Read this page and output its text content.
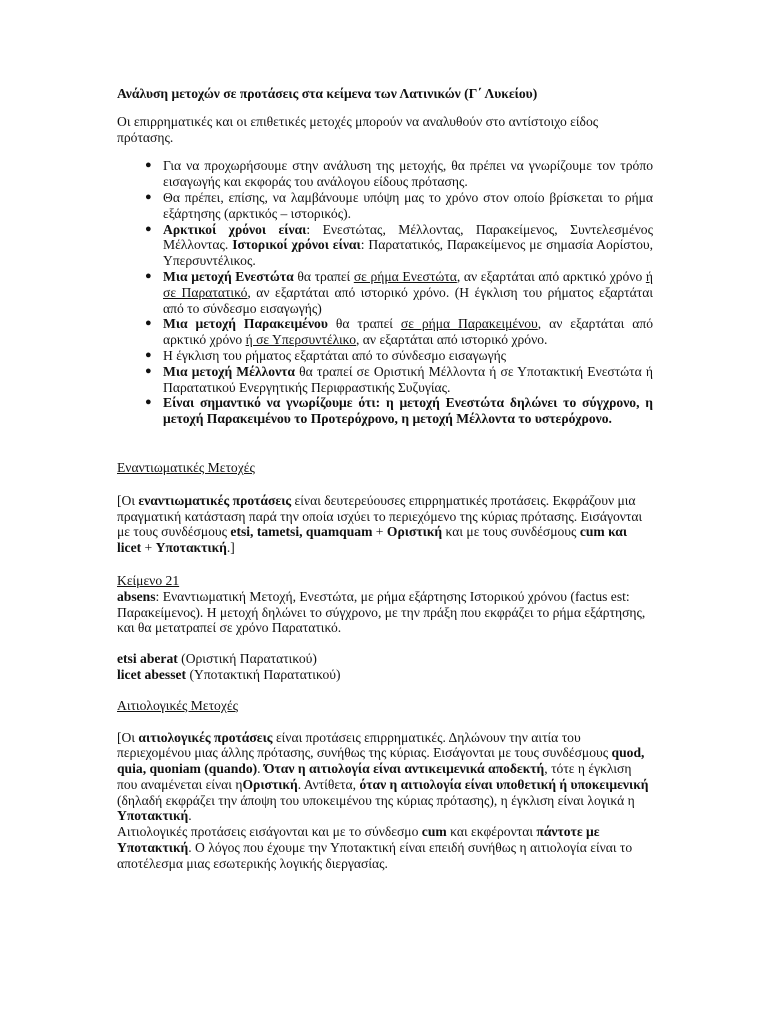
Ανάλυση μετοχών σε προτάσεις στα κείμενα των Λατινικών (Γ΄ Λυκείου)

Οι επιρρηματικές και οι επιθετικές μετοχές μπορούν να αναλυθούν στο αντίστοιχο είδος πρότασης.

● Για να προχωρήσουμε στην ανάλυση της μετοχής, θα πρέπει να γνωρίζουμε τον τρόπο εισαγωγής και εκφοράς του ανάλογου είδους πρότασης.
● Θα πρέπει, επίσης, να λαμβάνουμε υπόψη μας το χρόνο στον οποίο βρίσκεται το ρήμα εξάρτησης (αρκτικός – ιστορικός).
● Αρκτικοί χρόνοι είναι: Ενεστώτας, Μέλλοντας, Παρακείμενος, Συντελεσμένος Μέλλοντας. Ιστορικοί χρόνοι είναι: Παρατατικός, Παρακείμενος με σημασία Αορίστου, Υπερσυντέλικος.
● Μια μετοχή Ενεστώτα θα τραπεί σε ρήμα Ενεστώτα, αν εξαρτάται από αρκτικό χρόνο ή σε Παρατατικό, αν εξαρτάται από ιστορικό χρόνο. (Η έγκλιση του ρήματος εξαρτάται από το σύνδεσμο εισαγωγής)
● Μια μετοχή Παρακειμένου θα τραπεί σε ρήμα Παρακειμένου, αν εξαρτάται από αρκτικό χρόνο ή σε Υπερσυντέλικο, αν εξαρτάται από ιστορικό χρόνο.
● Η έγκλιση του ρήματος εξαρτάται από το σύνδεσμο εισαγωγής
● Μια μετοχή Μέλλοντα θα τραπεί σε Οριστική Μέλλοντα ή σε Υποτακτική Ενεστώτα ή Παρατατικού Ενεργητικής Περιφραστικής Συζυγίας.
● Είναι σημαντικό να γνωρίζουμε ότι: η μετοχή Ενεστώτα δηλώνει το σύγχρονο, η μετοχή Παρακειμένου το Προτερόχρονο, η μετοχή Μέλλοντα το υστερόχρονο.

Εναντιωματικές Μετοχές

[Οι εναντιωματικές προτάσεις είναι δευτερεύουσες επιρρηματικές προτάσεις. Εκφράζουν μια πραγματική κατάσταση παρά την οποία ισχύει το περιεχόμενο της κύριας πρότασης. Εισάγονται με τους συνδέσμους etsi, tametsi, quamquam + Οριστική και με τους συνδέσμους cum και licet + Υποτακτική.]

Κείμενο 21

absens: Εναντιωματική Μετοχή, Ενεστώτα, με ρήμα εξάρτησης Ιστορικού χρόνου (factus est: Παρακείμενος). Η μετοχή δηλώνει το σύγχρονο, με την πράξη που εκφράζει το ρήμα εξάρτησης, και θα μετατραπεί σε χρόνο Παρατατικό.

etsi aberat (Οριστική Παρατατικού)

licet abesset (Υποτακτική Παρατατικού)

Αιτιολογικές Μετοχές

[Οι αιτιολογικές προτάσεις είναι προτάσεις επιρρηματικές. Δηλώνουν την αιτία του περιεχομένου μιας άλλης πρότασης, συνήθως της κύριας. Εισάγονται με τους συνδέσμους quod, quia, quoniam (quando). Όταν η αιτιολογία είναι αντικειμενικά αποδεκτή, τότε η έγκλιση που αναμένεται είναι ηΟριστική. Αντίθετα, όταν η αιτιολογία είναι υποθετική ή υποκειμενική (δηλαδή εκφράζει την άποψη του υποκειμένου της κύριας πρότασης), η έγκλιση είναι λογικά η Υποτακτική.

Αιτιολογικές προτάσεις εισάγονται και με το σύνδεσμο cum και εκφέρονται πάντοτε με Υποτακτική. Ο λόγος που έχουμε την Υποτακτική είναι επειδή συνήθως η αιτιολογία είναι το αποτέλεσμα μιας εσωτερικής λογικής διεργασίας.
